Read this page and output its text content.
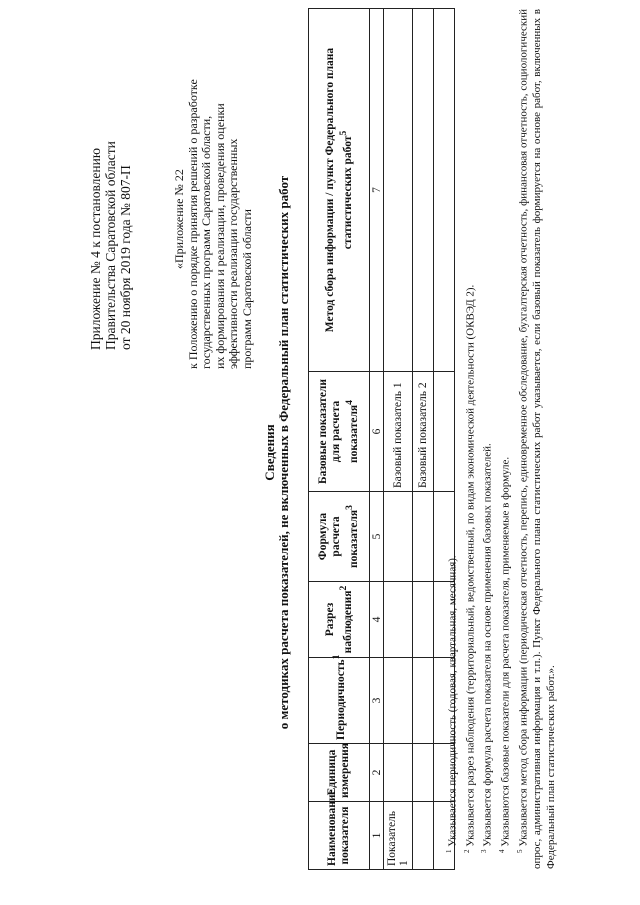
Приложение № 4 к постановлению Правительства Саратовской области от 20 ноября 2019 года № 807-П	«Приложение № 22 к Положению о порядке принятия решений о разработке государственных программ Саратовской области, их формирования и реализации, проведения оценки эффективности реализации государственных программ Саратовской области
Сведения о методиках расчета показателей, не включенных в Федеральный план статистических работ
Наименование показателя	Единица измерения	Периодичность$^1$	Разрез наблюдения$^2$	Формула расчета показателя$^3$	Базовые показатели для расчета показателя$^4$	Метод сбора информации / пункт Федерального плана статистических работ$^5$
1	2	3	4	5	6	7
Показатель 1					Базовый показатель 1	
					Базовый показатель 2	

$^1$ Указывается периодичность (годовая, квартальная, месячная).

$^2$ Указывается разрез наблюдения (территориальный, ведомственный, по видам экономической деятельности (ОКВЭД 2).

$^3$ Указывается формула расчета показателя на основе применения базовых показателей.

$^4$ Указываются базовые показатели для расчета показателя, применяемые в формуле.

$^5$ Указывается метод сбора информации (периодическая отчетность, перепись, единовременное обследование, бухгалтерская отчетность, финансовая отчетность, социологический опрос, административная информация и т.п.). Пункт Федерального плана статистических работ указывается, если базовый показатель формируется на основе работ, включенных в Федеральный план статистических работ.».
